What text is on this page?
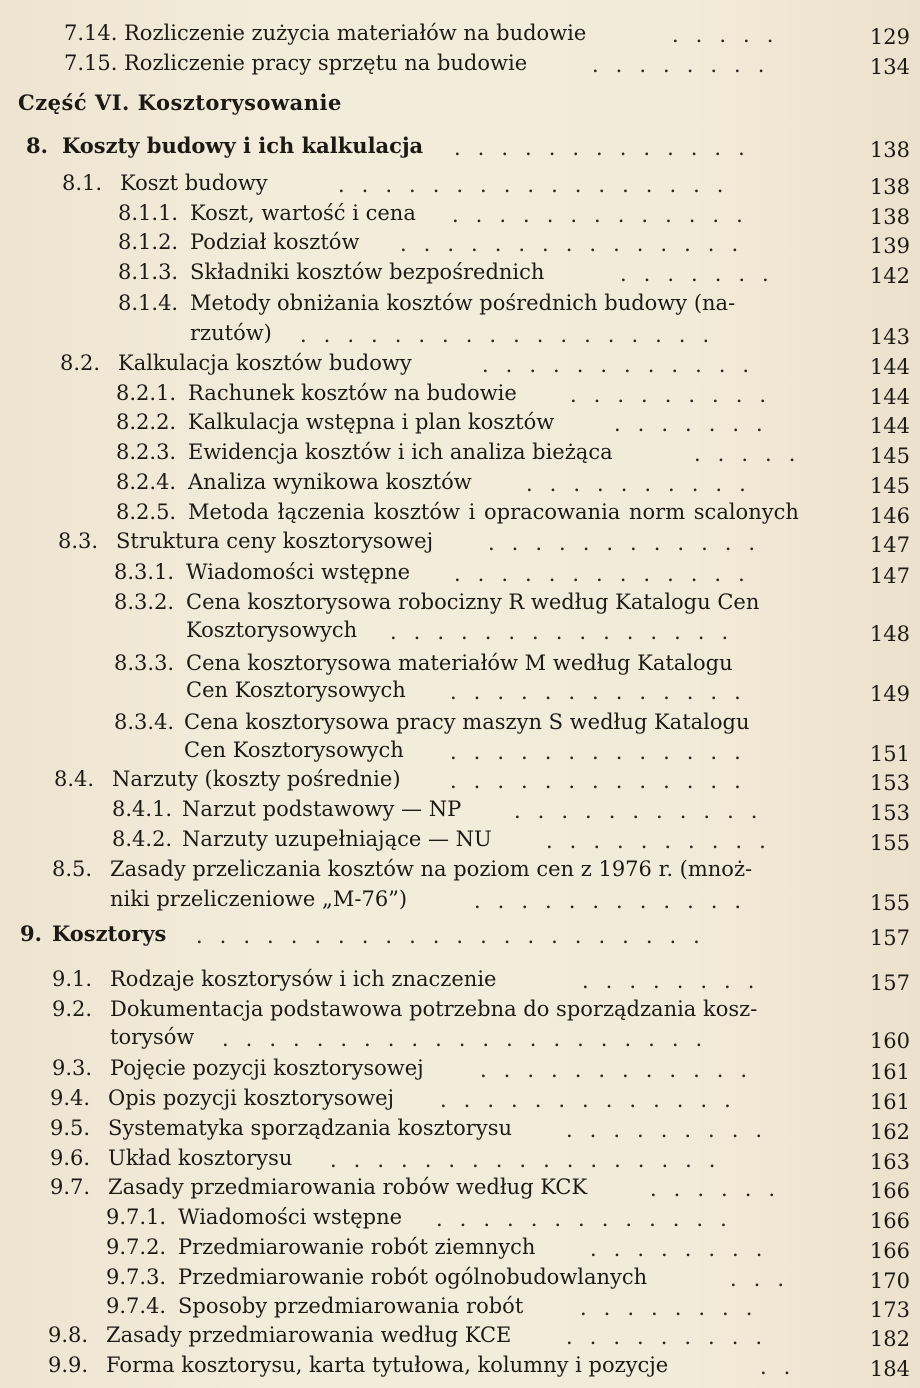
7.14. Rozliczenie zużycia materiałów na budowie	.....	129
7.15. Rozliczenie pracy sprzętu na budowie	........	134
Część VI. Kosztorysowanie
8. Koszty budowy i ich kalkulacja .............	138
8.1. Koszt budowy	.................	138
8.1.1. Koszt, wartość i cena .............	138
8.1.2. Podział kosztów ...............	139
8.1.3. Składniki kosztów bezpośrednich	.......	142
8.1.4. Metody obniżania kosztów pośrednich budowy (na-
rzutów) ..................	143
8.2. Kalkulacja kosztów budowy	............	144
8.2.1. Rachunek kosztów na budowie	.........	144
8.2.2. Kalkulacja wstępna i plan kosztów	.......	144
8.2.3. Ewidencja kosztów i ich analiza bieżąca	.....	145
8.2.4. Analiza wynikowa kosztów	..........	145
8.2.5. Metoda łączenia kosztów i opracowania norm scalonych	146
8.3. Struktura ceny kosztorysowej	............	147
8.3.1. Wiadomości wstępne .............	147
8.3.2. Cena kosztorysowa robocizny R według Katalogu Cen
Kosztorysowych ...............	148
8.3.3. Cena kosztorysowa materiałów M według Katalogu
Cen Kosztorysowych .............	149
8.3.4. Cena kosztorysowa pracy maszyn S według Katalogu
Cen Kosztorysowych .............	151
8.4. Narzuty (koszty pośrednie) .............	153
8.4.1. Narzut podstawowy — NP	...........	153
8.4.2. Narzuty uzupełniające — NU	..........	155
8.5. Zasady przeliczania kosztów na poziom cen z 1976 r. (mnoż-
niki przeliczeniowe „M-76”)	............	155
9. Kosztorys ......................	157
9.1. Rodzaje kosztorysów i ich znaczenie	........	157
9.2. Dokumentacja podstawowa potrzebna do sporządzania kosz-
torysów .....................	160
9.3. Pojęcie pozycji kosztorysowej	............	161
9.4. Opis pozycji kosztorysowej .............	161
9.5. Systematyka sporządzania kosztorysu	.........	162
9.6. Układ kosztorysu .................	163
9.7. Zasady przedmiarowania robów według KCK	......	166
9.7.1. Wiadomości wstępne .............	166
9.7.2. Przedmiarowanie robót ziemnych	........	166
9.7.3. Przedmiarowanie robót ogólnobudowlanych	...	170
9.7.4. Sposoby przedmiarowania robót	........	173
9.8. Zasady przedmiarowania według KCE	.........	182
9.9. Forma kosztorysu, karta tytułowa, kolumny i pozycje	..	184
